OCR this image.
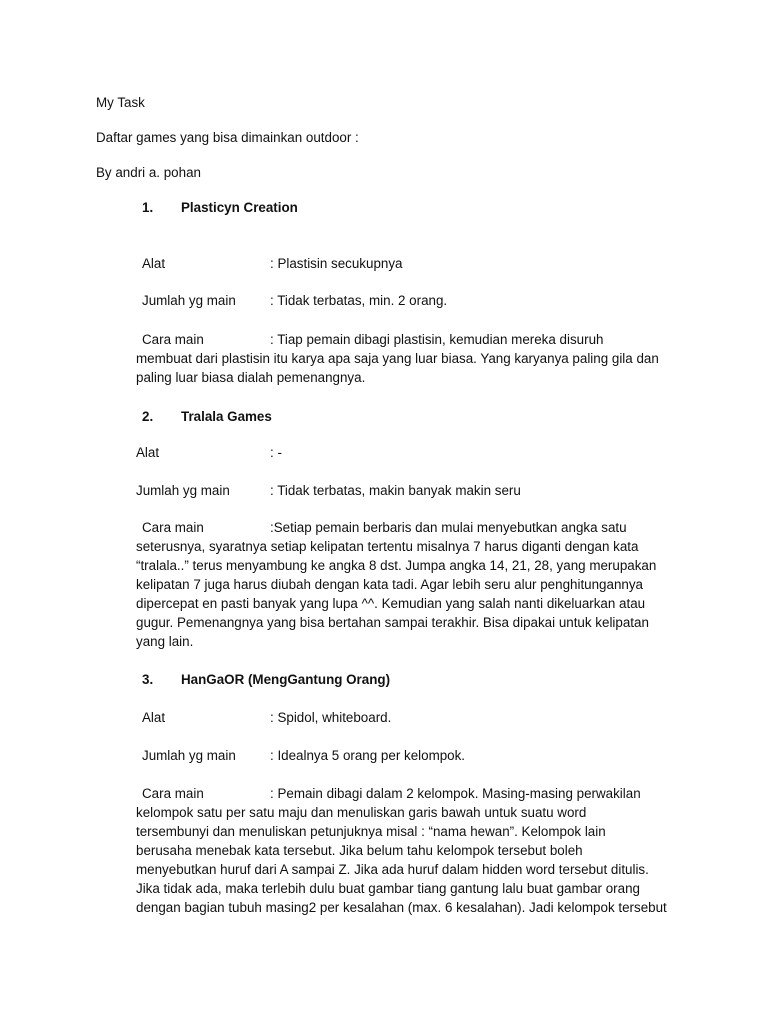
My Task
Daftar games yang bisa dimainkan outdoor :
By andri a. pohan
1. Plasticyn Creation
Alat	: Plastisin secukupnya
Jumlah yg main	: Tidak terbatas, min. 2 orang.
Cara main	: Tiap pemain dibagi plastisin, kemudian mereka disuruh
membuat dari plastisin itu karya apa saja yang luar biasa. Yang karyanya paling gila dan
paling luar biasa dialah pemenangnya.
2. Tralala Games
Alat	: -
Jumlah yg main	: Tidak terbatas, makin banyak makin seru
Cara main	:Setiap pemain berbaris dan mulai menyebutkan angka satu
seterusnya, syaratnya setiap kelipatan tertentu misalnya 7 harus diganti dengan kata
“tralala..” terus menyambung ke angka 8 dst. Jumpa angka 14, 21, 28, yang merupakan
kelipatan 7 juga harus diubah dengan kata tadi. Agar lebih seru alur penghitungannya
dipercepat en pasti banyak yang lupa ^^. Kemudian yang salah nanti dikeluarkan atau
gugur. Pemenangnya yang bisa bertahan sampai terakhir. Bisa dipakai untuk kelipatan
yang lain.
3. HanGaOR (MengGantung Orang)
Alat	: Spidol, whiteboard.
Jumlah yg main	: Idealnya 5 orang per kelompok.
Cara main	: Pemain dibagi dalam 2 kelompok. Masing-masing perwakilan
kelompok satu per satu maju dan menuliskan garis bawah untuk suatu word
tersembunyi dan menuliskan petunjuknya misal : “nama hewan”. Kelompok lain
berusaha menebak kata tersebut. Jika belum tahu kelompok tersebut boleh
menyebutkan huruf dari A sampai Z. Jika ada huruf dalam hidden word tersebut ditulis.
Jika tidak ada, maka terlebih dulu buat gambar tiang gantung lalu buat gambar orang
dengan bagian tubuh masing2 per kesalahan (max. 6 kesalahan). Jadi kelompok tersebut
